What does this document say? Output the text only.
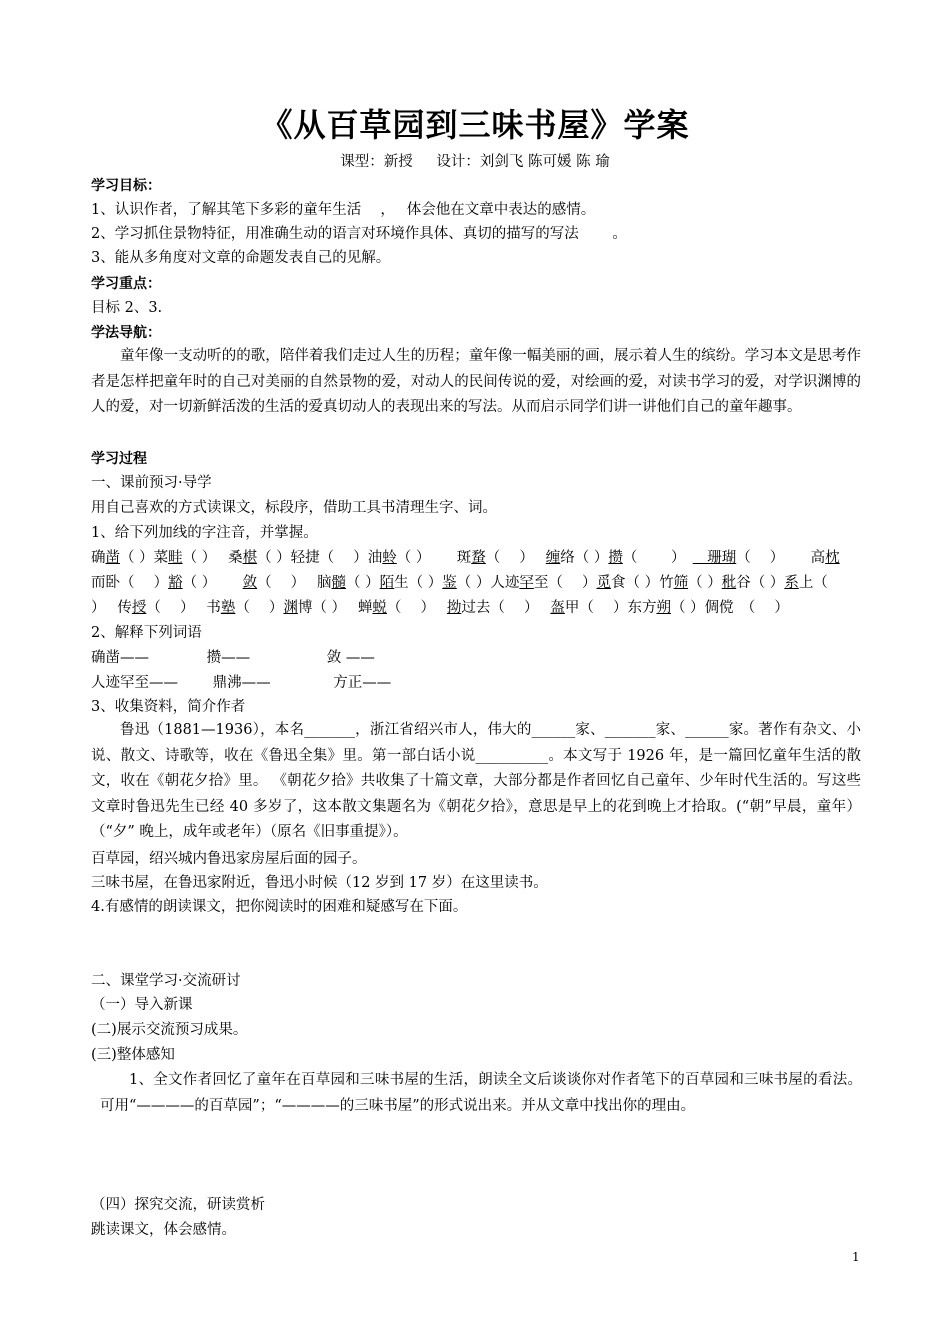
《从百草园到三味书屋》学案
课型：新授 　 设计：刘剑飞 陈可媛 陈 瑜
学习目标：
1、认识作者，了解其笔下多彩的童年生活　 ，　 体会他在文章中表达的感情。
2、学习抓住景物特征，用准确生动的语言对环境作具体、真切的描写的写法　　 。
3、能从多角度对文章的命题发表自己的见解。
学习重点：
目标 2、3.
学法导航：
童年像一支动听的的歌，陪伴着我们走过人生的历程；童年像一幅美丽的画，展示着人生的缤纷。学习本文是思考作者是怎样把童年时的自己对美丽的自然景物的爱，对动人的民间传说的爱，对绘画的爱，对读书学习的爱，对学识渊博的人的爱，对一切新鲜活泼的生活的爱真切动人的表现出来的写法。从而启示同学们讲一讲他们自己的童年趣事。
学习过程
一、课前预习·导学
用自己喜欢的方式读课文，标段序，借助工具书清理生字、词。
1、给下列加线的字注音，并掌握。
确凿（ ）菜畦（ ）　 桑椹（ ）轻捷（　 ）油蛉（ ）　　 斑蝥（　 ）　 缠络（ ）攒（　　 ）　　珊瑚（　 ）　　 高枕
而卧（　 ）豁（ ）　　 敛（　 ）　 脑髓（ ）陌生（ ）鉴（ ）人迹罕至（　 ）觅食（ ）竹筛（ ）秕谷（ ）系上（
）　 传授（　 ）　 书塾（　 ）渊博（ ）　 蝉蜕（　 ）　 拗过去（　 ）　 盔甲（　 ）东方朔（ ）倜傥　（　 ）
2、解释下列词语
确凿——	攒——	敛 ——
人迹罕至—— 鼎沸——	方正——
3、收集资料，简介作者
鲁迅（1881—1936），本名_______，浙江省绍兴市人，伟大的______家、_______家、______家。著作有杂文、小说、散文、诗歌等，收在《鲁迅全集》里。第一部白话小说__________。本文写于 1926 年，是一篇回忆童年生活的散文，收在《朝花夕拾》里。 《朝花夕拾》共收集了十篇文章，大部分都是作者回忆自己童年、少年时代生活的。写这些文章时鲁迅先生已经 40 多岁了，这本散文集题名为《朝花夕拾》，意思是早上的花到晚上才拾取。(“朝”早晨，童年）（“夕” 晚上，成年或老年）（原名《旧事重提》）。
百草园，绍兴城内鲁迅家房屋后面的园子。
三味书屋，在鲁迅家附近，鲁迅小时候（12 岁到 17 岁）在这里读书。
4.有感情的朗读课文，把你阅读时的困难和疑感写在下面。
二、课堂学习·交流研讨
（一）导入新课
(二)展示交流预习成果。
(三)整体感知
1、全文作者回忆了童年在百草园和三味书屋的生活，朗读全文后谈谈你对作者笔下的百草园和三味书屋的看法。可用“————的百草园”；“————的三味书屋”的形式说出来。并从文章中找出你的理由。
（四）探究交流，研读赏析
跳读课文，体会感情。
1
